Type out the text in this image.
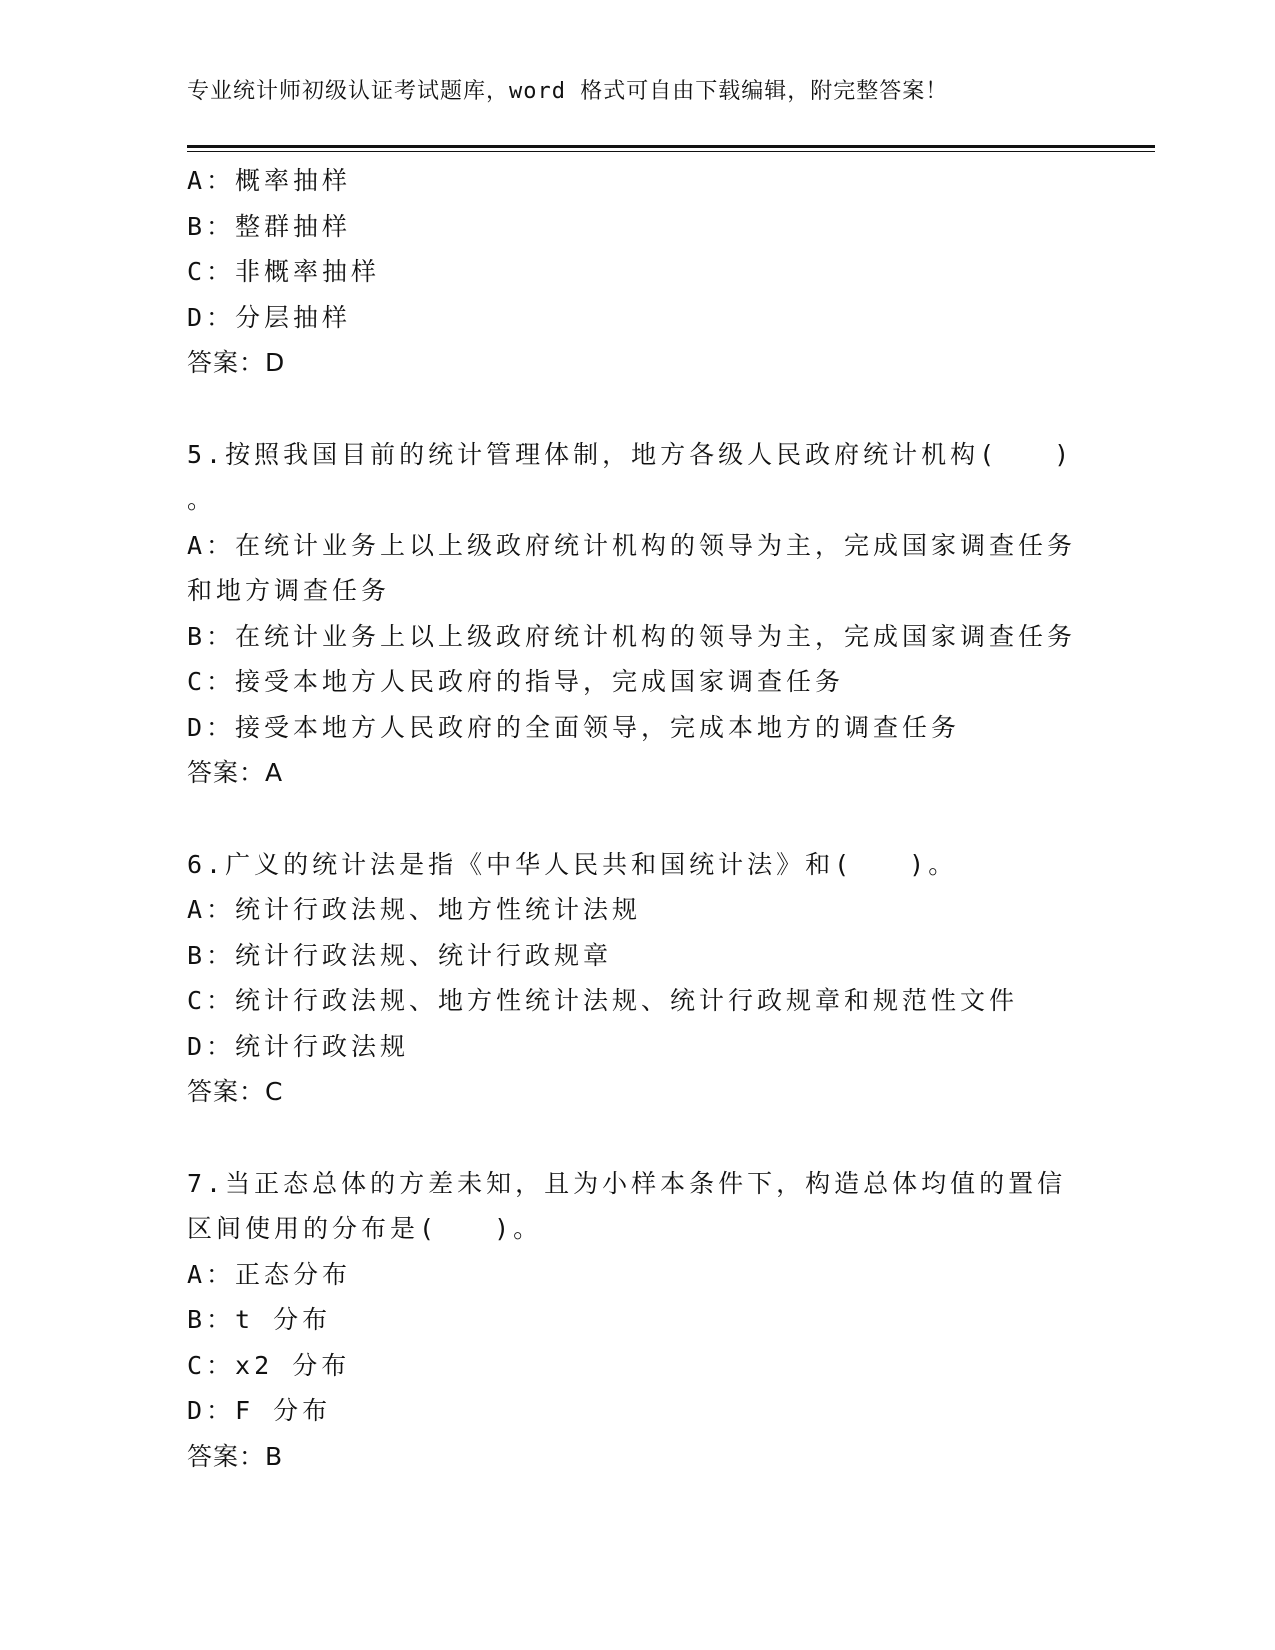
专业统计师初级认证考试题库，word 格式可自由下载编辑，附完整答案！
A：概率抽样
B：整群抽样
C：非概率抽样
D：分层抽样
答案：D
5.按照我国目前的统计管理体制，地方各级人民政府统计机构( )
。
A：在统计业务上以上级政府统计机构的领导为主，完成国家调查任务
和地方调查任务
B：在统计业务上以上级政府统计机构的领导为主，完成国家调查任务
C：接受本地方人民政府的指导，完成国家调查任务
D：接受本地方人民政府的全面领导，完成本地方的调查任务
答案：A
6.广义的统计法是指《中华人民共和国统计法》和( )。
A：统计行政法规、地方性统计法规
B：统计行政法规、统计行政规章
C：统计行政法规、地方性统计法规、统计行政规章和规范性文件
D：统计行政法规
答案：C
7.当正态总体的方差未知，且为小样本条件下，构造总体均值的置信
区间使用的分布是( )。
A：正态分布
B：t 分布
C：x2 分布
D：F 分布
答案：B
